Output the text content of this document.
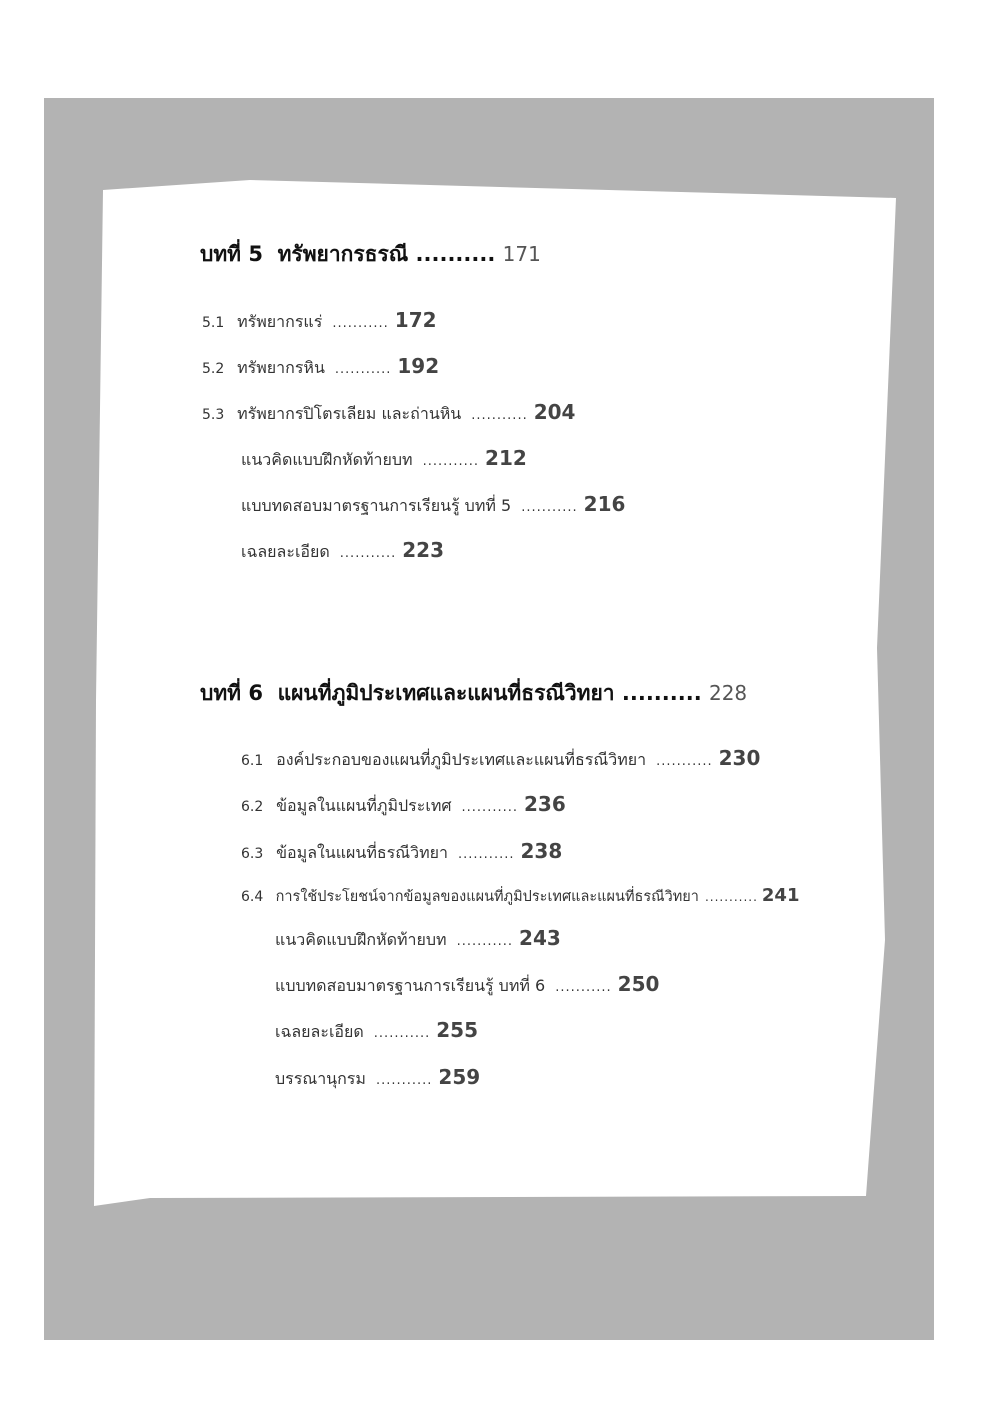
บทที่ 5 ทรัพยากรธรณี .......... 171
5.1 ทรัพยากรแร่ ........... 172
5.2 ทรัพยากรหิน ........... 192
5.3 ทรัพยากรปิโตรเลียม และถ่านหิน ........... 204
แนวคิดแบบฝึกหัดท้ายบท ........... 212
แบบทดสอบมาตรฐานการเรียนรู้ บทที่ 5 ........... 216
เฉลยละเอียด ........... 223
บทที่ 6 แผนที่ภูมิประเทศและแผนที่ธรณีวิทยา .......... 228
6.1 องค์ประกอบของแผนที่ภูมิประเทศและแผนที่ธรณีวิทยา ........... 230
6.2 ข้อมูลในแผนที่ภูมิประเทศ ........... 236
6.3 ข้อมูลในแผนที่ธรณีวิทยา ........... 238
6.4 การใช้ประโยชน์จากข้อมูลของแผนที่ภูมิประเทศและแผนที่ธรณีวิทยา ........... 241
แนวคิดแบบฝึกหัดท้ายบท ........... 243
แบบทดสอบมาตรฐานการเรียนรู้ บทที่ 6 ........... 250
เฉลยละเอียด ........... 255
บรรณานุกรม ........... 259
